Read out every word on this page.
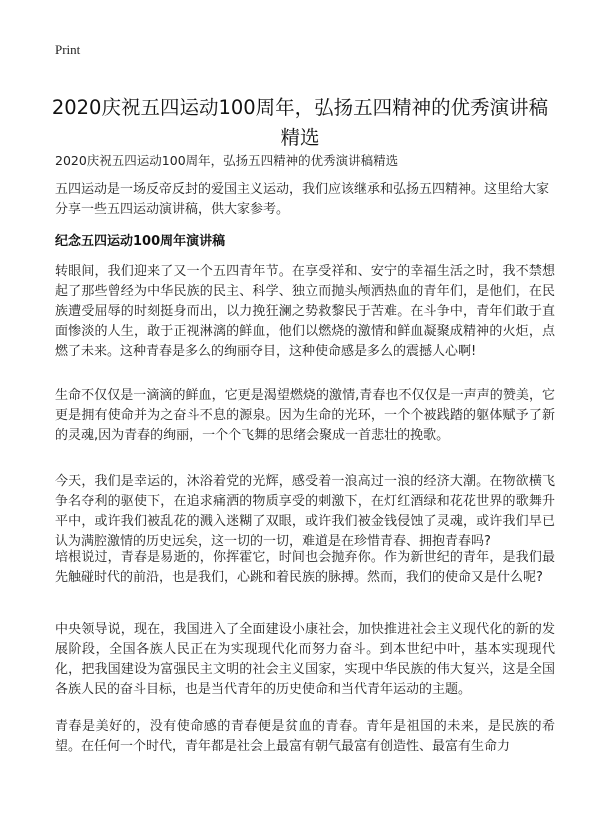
Print
2020庆祝五四运动100周年，弘扬五四精神的优秀演讲稿精选
2020庆祝五四运动100周年，弘扬五四精神的优秀演讲稿精选
五四运动是一场反帝反封的爱国主义运动，我们应该继承和弘扬五四精神。这里给大家分享一些五四运动演讲稿，供大家参考。
纪念五四运动100周年演讲稿

转眼间，我们迎来了又一个五四青年节。在享受祥和、安宁的幸福生活之时，我不禁想起了那些曾经为中华民族的民主、科学、独立而抛头颅洒热血的青年们，是他们，在民族遭受屈辱的时刻挺身而出，以力挽狂澜之势救黎民于苦难。在斗争中，青年们敢于直面惨淡的人生，敢于正视淋漓的鲜血，他们以燃烧的激情和鲜血凝聚成精神的火炬，点燃了未来。这种青春是多么的绚丽夺目，这种使命感是多么的震撼人心啊!

生命不仅仅是一滴滴的鲜血，它更是渴望燃烧的激情,青春也不仅仅是一声声的赞美，它更是拥有使命并为之奋斗不息的源泉。因为生命的光环，一个个被践踏的躯体赋予了新的灵魂,因为青春的绚丽，一个个飞舞的思绪会聚成一首悲壮的挽歌。

今天，我们是幸运的，沐浴着党的光辉，感受着一浪高过一浪的经济大潮。在物欲横飞争名夺利的驱使下，在追求痛洒的物质享受的刺激下，在灯红酒绿和花花世界的歌舞升平中，或许我们被乱花的溅入迷糊了双眼，或许我们被金钱侵蚀了灵魂，或许我们早已认为满腔激情的历史远矣，这一切的一切，难道是在珍惜青春、拥抱青春吗?

培根说过，青春是易逝的，你挥霍它，时间也会抛弃你。作为新世纪的青年，是我们最先触碰时代的前沿，也是我们，心跳和着民族的脉搏。然而，我们的使命又是什么呢?

中央领导说，现在，我国进入了全面建设小康社会，加快推进社会主义现代化的新的发展阶段，全国各族人民正在为实现现代化而努力奋斗。到本世纪中叶，基本实现现代化，把我国建设为富强民主文明的社会主义国家，实现中华民族的伟大复兴，这是全国各族人民的奋斗目标，也是当代青年的历史使命和当代青年运动的主题。

青春是美好的，没有使命感的青春便是贫血的青春。青年是祖国的未来，是民族的希望。在任何一个时代，青年都是社会上最富有朝气最富有创造性、最富有生命力
